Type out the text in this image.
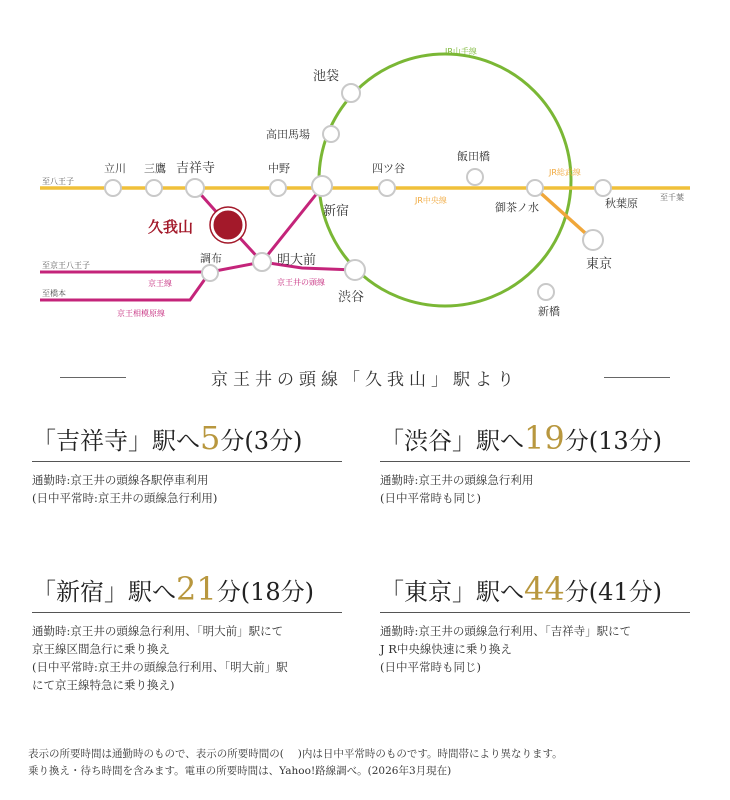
池袋
高田馬場
立川 三鷹 吉祥寺	中野	四ツ谷
飯田橋
御茶ノ水	秋葉原
新宿
東京
新橋
渋谷
明大前
調布
久我山
至八王子
至千葉
至京王八王子
至橋本
JR山手線
JR中央線
JR総武線
京王線	京王井の頭線
京王相模原線
京王井の頭線「久我山」駅より
「吉祥寺」駅へ 5 分 (3分)
通勤時:京王井の頭線各駅停車利用
(日中平常時:京王井の頭線急行利用)
「渋谷」駅へ 19 分 (13分)
通勤時:京王井の頭線急行利用
(日中平常時も同じ)
「新宿」駅へ 21 分 (18分)
通勤時:京王井の頭線急行利用、「明大前」駅にて
京王線区間急行に乗り換え
(日中平常時:京王井の頭線急行利用、「明大前」駅
にて京王線特急に乗り換え)
「東京」駅へ 44 分 (41分)
通勤時:京王井の頭線急行利用、「吉祥寺」駅にて
J R中央線快速に乗り換え
(日中平常時も同じ)
表示の所要時間は通勤時のもので、表示の所要時間の(　 )内は日中平常時のものです。時間帯により異なります。
乗り換え・待ち時間を含みます。電車の所要時間は、Yahoo!路線調べ。(2026年3月現在)
